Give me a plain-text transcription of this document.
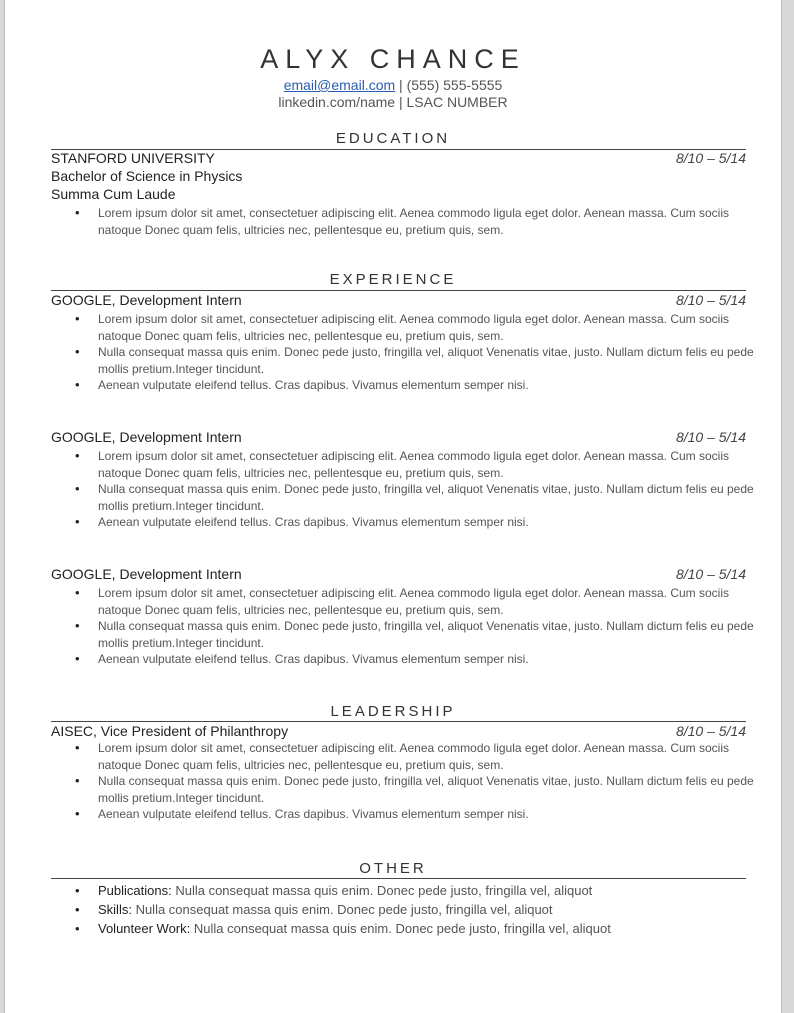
ALYX CHANCE
email@email.com | (555) 555-5555
linkedin.com/name | LSAC NUMBER
EDUCATION
STANFORD UNIVERSITY	8/10 – 5/14
Bachelor of Science in Physics
Summa Cum Laude
• Lorem ipsum dolor sit amet, consectetuer adipiscing elit. Aenea commodo ligula eget dolor. Aenean massa. Cum sociis natoque Donec quam felis, ultricies nec, pellentesque eu, pretium quis, sem.
EXPERIENCE
GOOGLE, Development Intern	8/10 – 5/14
• Lorem ipsum dolor sit amet, consectetuer adipiscing elit. Aenea commodo ligula eget dolor. Aenean massa. Cum sociis natoque Donec quam felis, ultricies nec, pellentesque eu, pretium quis, sem.
• Nulla consequat massa quis enim. Donec pede justo, fringilla vel, aliquot Venenatis vitae, justo. Nullam dictum felis eu pede mollis pretium.Integer tincidunt.
• Aenean vulputate eleifend tellus. Cras dapibus. Vivamus elementum semper nisi.
GOOGLE, Development Intern	8/10 – 5/14
• Lorem ipsum dolor sit amet, consectetuer adipiscing elit. Aenea commodo ligula eget dolor. Aenean massa. Cum sociis natoque Donec quam felis, ultricies nec, pellentesque eu, pretium quis, sem.
• Nulla consequat massa quis enim. Donec pede justo, fringilla vel, aliquot Venenatis vitae, justo. Nullam dictum felis eu pede mollis pretium.Integer tincidunt.
• Aenean vulputate eleifend tellus. Cras dapibus. Vivamus elementum semper nisi.
GOOGLE, Development Intern	8/10 – 5/14
• Lorem ipsum dolor sit amet, consectetuer adipiscing elit. Aenea commodo ligula eget dolor. Aenean massa. Cum sociis natoque Donec quam felis, ultricies nec, pellentesque eu, pretium quis, sem.
• Nulla consequat massa quis enim. Donec pede justo, fringilla vel, aliquot Venenatis vitae, justo. Nullam dictum felis eu pede mollis pretium.Integer tincidunt.
• Aenean vulputate eleifend tellus. Cras dapibus. Vivamus elementum semper nisi.
LEADERSHIP
AISEC, Vice President of Philanthropy	8/10 – 5/14
• Lorem ipsum dolor sit amet, consectetuer adipiscing elit. Aenea commodo ligula eget dolor. Aenean massa. Cum sociis natoque Donec quam felis, ultricies nec, pellentesque eu, pretium quis, sem.
• Nulla consequat massa quis enim. Donec pede justo, fringilla vel, aliquot Venenatis vitae, justo. Nullam dictum felis eu pede mollis pretium.Integer tincidunt.
• Aenean vulputate eleifend tellus. Cras dapibus. Vivamus elementum semper nisi.
OTHER
• Publications: Nulla consequat massa quis enim. Donec pede justo, fringilla vel, aliquot
• Skills: Nulla consequat massa quis enim. Donec pede justo, fringilla vel, aliquot
• Volunteer Work: Nulla consequat massa quis enim. Donec pede justo, fringilla vel, aliquot
